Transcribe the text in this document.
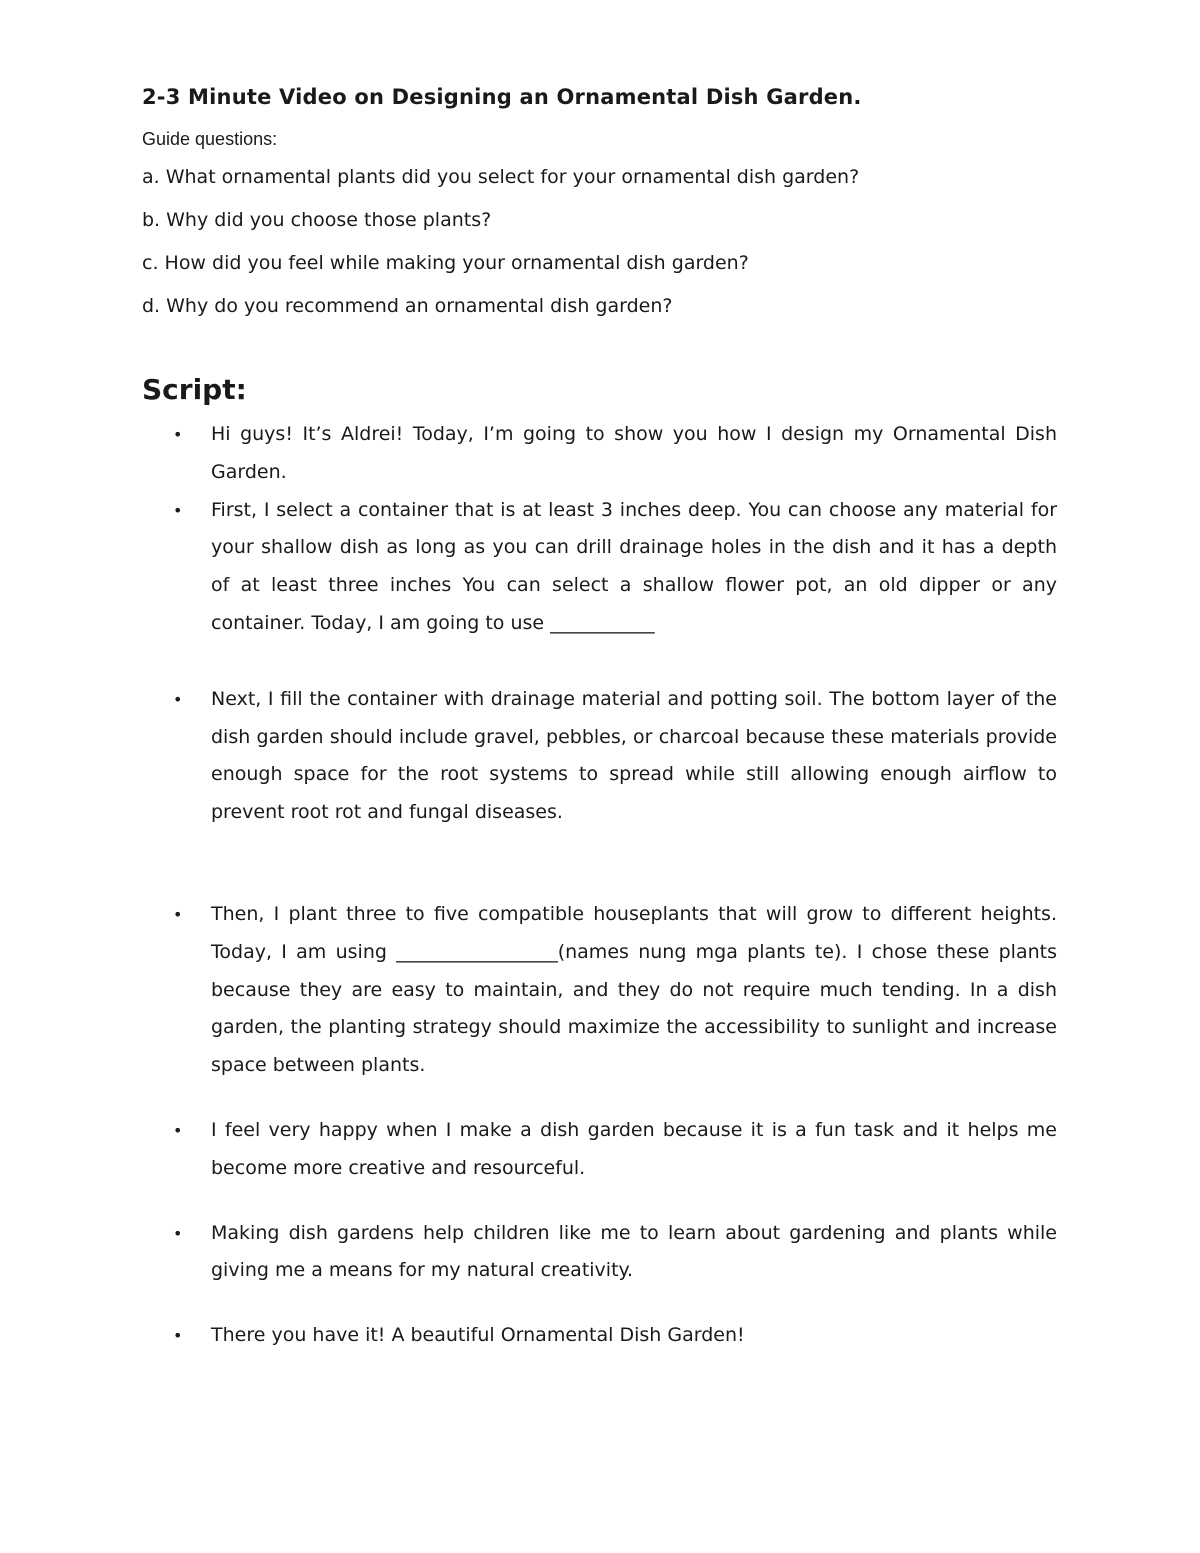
2-3 Minute Video on Designing an Ornamental Dish Garden.
Guide questions:
a. What ornamental plants did you select for your ornamental dish garden?
b. Why did you choose those plants?
c. How did you feel while making your ornamental dish garden?
d. Why do you recommend an ornamental dish garden?
Script:
• Hi guys! It’s Aldrei! Today, I’m going to show you how I design my Ornamental Dish Garden.
• First, I select a container that is at least 3 inches deep. You can choose any material for your shallow dish as long as you can drill drainage holes in the dish and it has a depth of at least three inches You can select a shallow flower pot, an old dipper or any container. Today, I am going to use ___________
• Next, I fill the container with drainage material and potting soil. The bottom layer of the dish garden should include gravel, pebbles, or charcoal because these materials provide enough space for the root systems to spread while still allowing enough airflow to prevent root rot and fungal diseases.
• Then, I plant three to five compatible houseplants that will grow to different heights. Today, I am using _________________(names nung mga plants te). I chose these plants because they are easy to maintain, and they do not require much tending. In a dish garden, the planting strategy should maximize the accessibility to sunlight and increase space between plants.
• I feel very happy when I make a dish garden because it is a fun task and it helps me become more creative and resourceful.
• Making dish gardens help children like me to learn about gardening and plants while giving me a means for my natural creativity.
• There you have it! A beautiful Ornamental Dish Garden!
